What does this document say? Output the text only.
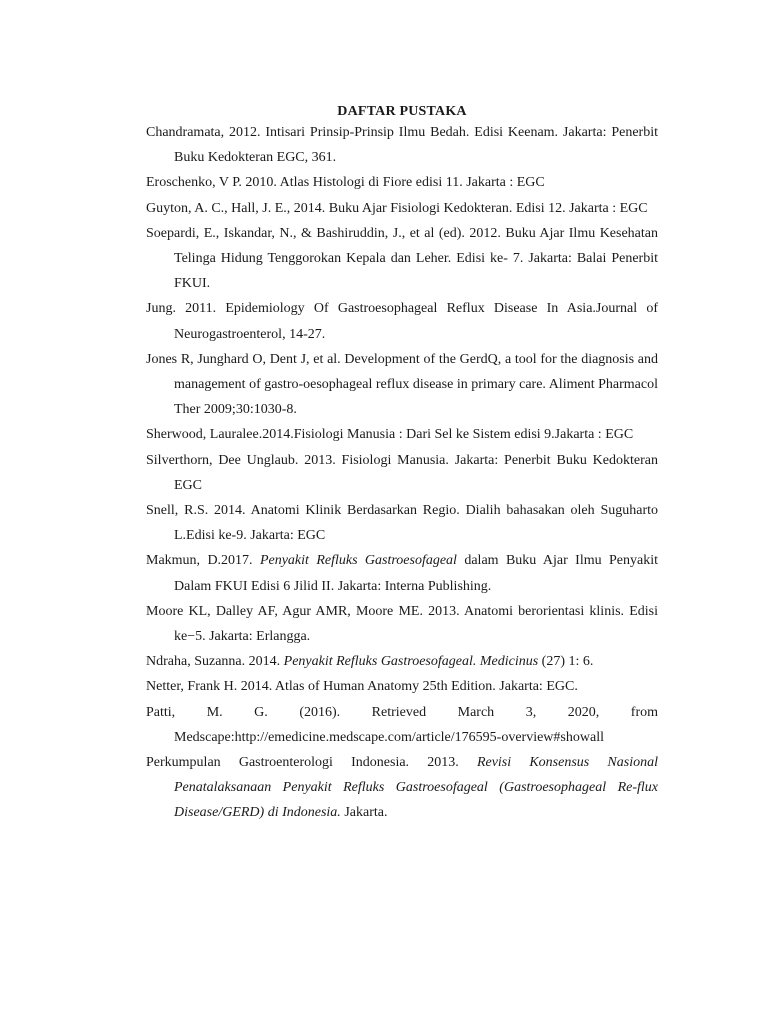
DAFTAR PUSTAKA

Chandramata, 2012. Intisari Prinsip-Prinsip Ilmu Bedah. Edisi Keenam. Jakarta: Penerbit Buku Kedokteran EGC, 361.

Eroschenko, V P. 2010. Atlas Histologi di Fiore edisi 11. Jakarta : EGC

Guyton, A. C., Hall, J. E., 2014. Buku Ajar Fisiologi Kedokteran. Edisi 12. Jakarta : EGC

Soepardi, E., Iskandar, N., & Bashiruddin, J., et al (ed). 2012. Buku Ajar Ilmu Kesehatan Telinga Hidung Tenggorokan Kepala dan Leher. Edisi ke- 7. Jakarta: Balai Penerbit FKUI.

Jung. 2011. Epidemiology Of Gastroesophageal Reflux Disease In Asia.Journal of Neurogastroenterol, 14-27.

Jones R, Junghard O, Dent J, et al. Development of the GerdQ, a tool for the diagnosis and management of gastro-oesophageal reflux disease in primary care. Aliment Pharmacol Ther 2009;30:1030-8.

Sherwood, Lauralee.2014.Fisiologi Manusia : Dari Sel ke Sistem edisi 9.Jakarta : EGC

Silverthorn, Dee Unglaub. 2013. Fisiologi Manusia. Jakarta: Penerbit Buku Kedokteran EGC

Snell, R.S. 2014. Anatomi Klinik Berdasarkan Regio. Dialih bahasakan oleh Suguharto L.Edisi ke-9. Jakarta: EGC

Makmun, D.2017. Penyakit Refluks Gastroesofageal dalam Buku Ajar Ilmu Penyakit Dalam FKUI Edisi 6 Jilid II. Jakarta: Interna Publishing.

Moore KL, Dalley AF, Agur AMR, Moore ME. 2013. Anatomi berorientasi klinis. Edisi ke−5. Jakarta: Erlangga.

Ndraha, Suzanna. 2014. Penyakit Refluks Gastroesofageal. Medicinus (27) 1: 6.

Netter, Frank H. 2014. Atlas of Human Anatomy 25th Edition. Jakarta: EGC.

Patti, M. G. (2016). Retrieved March 3, 2020, from Medscape:http://emedicine.medscape.com/article/176595-overview#showall

Perkumpulan Gastroenterologi Indonesia. 2013. Revisi Konsensus Nasional Penatalaksanaan Penyakit Refluks Gastroesofageal (Gastroesophageal Re-flux Disease/GERD) di Indonesia. Jakarta.
